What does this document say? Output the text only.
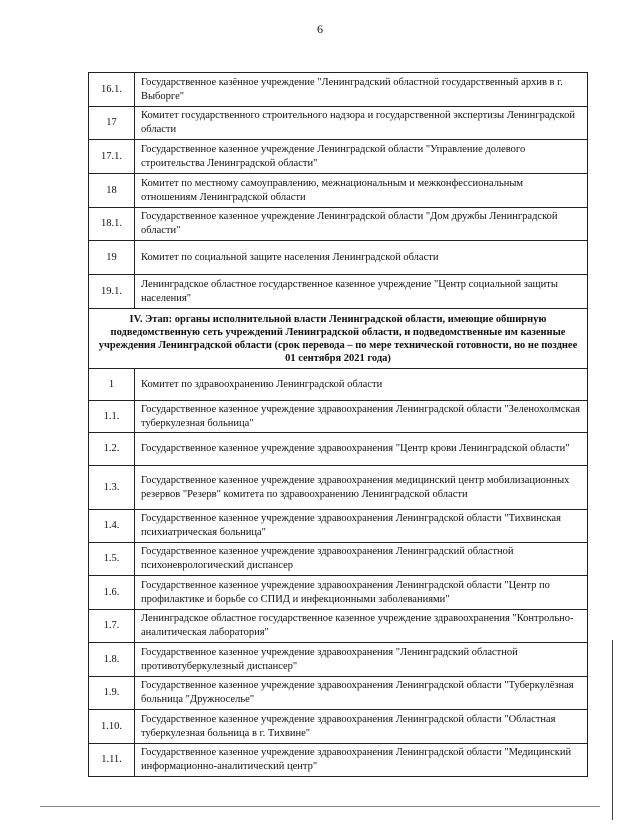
6
16.1.	Государственное казённое учреждение "Ленинградский областной государственный архив в г. Выборге"
17	Комитет государственного строительного надзора и государственной экспертизы Ленинградской области
17.1.	Государственное казенное учреждение Ленинградской области "Управление долевого строительства Ленинградской области"
18	Комитет по местному самоуправлению, межнациональным и межконфессиональным отношениям Ленинградской области
18.1.	Государственное казенное учреждение Ленинградской области "Дом дружбы Ленинградской области"
19	Комитет по социальной защите населения Ленинградской области
19.1.	Ленинградское областное государственное казенное учреждение "Центр социальной защиты населения"
IV. Этап: органы исполнительной власти Ленинградской области, имеющие обширную подведомственную сеть учреждений Ленинградской области, и подведомственные им казенные учреждения Ленинградской области (срок перевода – по мере технической готовности, но не позднее 01 сентября 2021 года)	
1	Комитет по здравоохранению Ленинградской области
1.1.	Государственное казенное учреждение здравоохранения Ленинградской области "Зеленохолмская туберкулезная больница"
1.2.	Государственное казенное учреждение здравоохранения "Центр крови Ленинградской области"
1.3.	Государственное казенное учреждение здравоохранения медицинский центр мобилизационных резервов "Резерв" комитета по здравоохранению Ленинградской области
1.4.	Государственное казенное учреждение здравоохранения Ленинградской области "Тихвинская психиатрическая больница"
1.5.	Государственное казенное учреждение здравоохранения Ленинградский областной психоневрологический диспансер
1.6.	Государственное казенное учреждение здравоохранения Ленинградской области "Центр по профилактике и борьбе со СПИД и инфекционными заболеваниями"
1.7.	Ленинградское областное государственное казенное учреждение здравоохранения "Контрольно-аналитическая лаборатория"
1.8.	Государственное казенное учреждение здравоохранения "Ленинградский областной противотуберкулезный диспансер"
1.9.	Государственное казенное учреждение здравоохранения Ленинградской области "Туберкулёзная больница "Дружноселье"
1.10.	Государственное казенное учреждение здравоохранения Ленинградской области "Областная туберкулезная больница в г. Тихвине"
1.11.	Государственное казенное учреждение здравоохранения Ленинградской области "Медицинский информационно-аналитический центр"
